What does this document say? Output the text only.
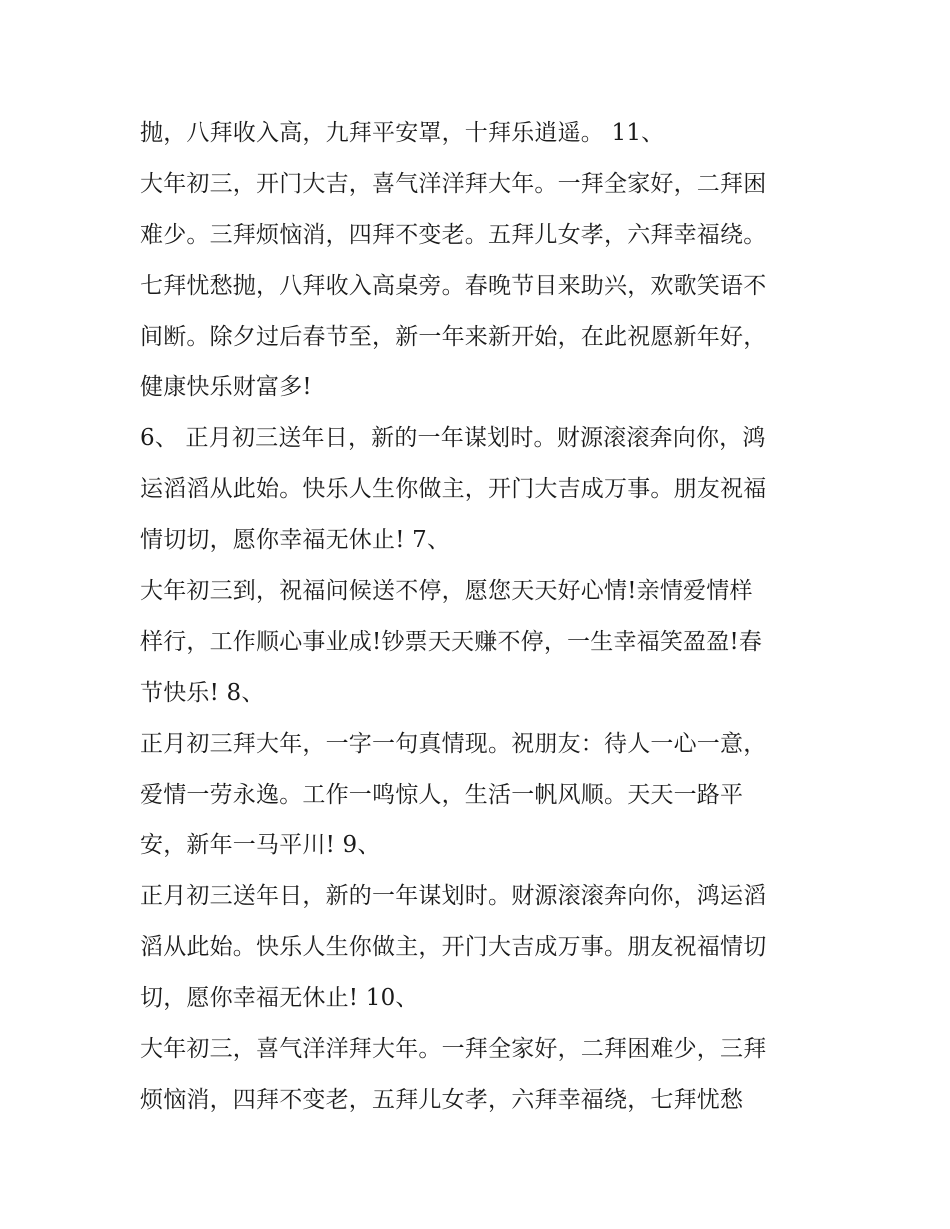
抛，八拜收入高，九拜平安罩，十拜乐逍遥。 11、
大年初三，开门大吉，喜气洋洋拜大年。一拜全家好，二拜困
难少。三拜烦恼消，四拜不变老。五拜儿女孝，六拜幸福绕。
七拜忧愁抛，八拜收入高桌旁。春晚节目来助兴，欢歌笑语不
间断。除夕过后春节至，新一年来新开始，在此祝愿新年好，
健康快乐财富多!
6、 正月初三送年日，新的一年谋划时。财源滚滚奔向你，鸿
运滔滔从此始。快乐人生你做主，开门大吉成万事。朋友祝福
情切切，愿你幸福无休止! 7、
大年初三到，祝福问候送不停，愿您天天好心情!亲情爱情样
样行，工作顺心事业成!钞票天天赚不停，一生幸福笑盈盈!春
节快乐! 8、
正月初三拜大年，一字一句真情现。祝朋友：待人一心一意，
爱情一劳永逸。工作一鸣惊人，生活一帆风顺。天天一路平
安，新年一马平川! 9、
正月初三送年日，新的一年谋划时。财源滚滚奔向你，鸿运滔
滔从此始。快乐人生你做主，开门大吉成万事。朋友祝福情切
切，愿你幸福无休止! 10、
大年初三，喜气洋洋拜大年。一拜全家好，二拜困难少，三拜
烦恼消，四拜不变老，五拜儿女孝，六拜幸福绕，七拜忧愁
